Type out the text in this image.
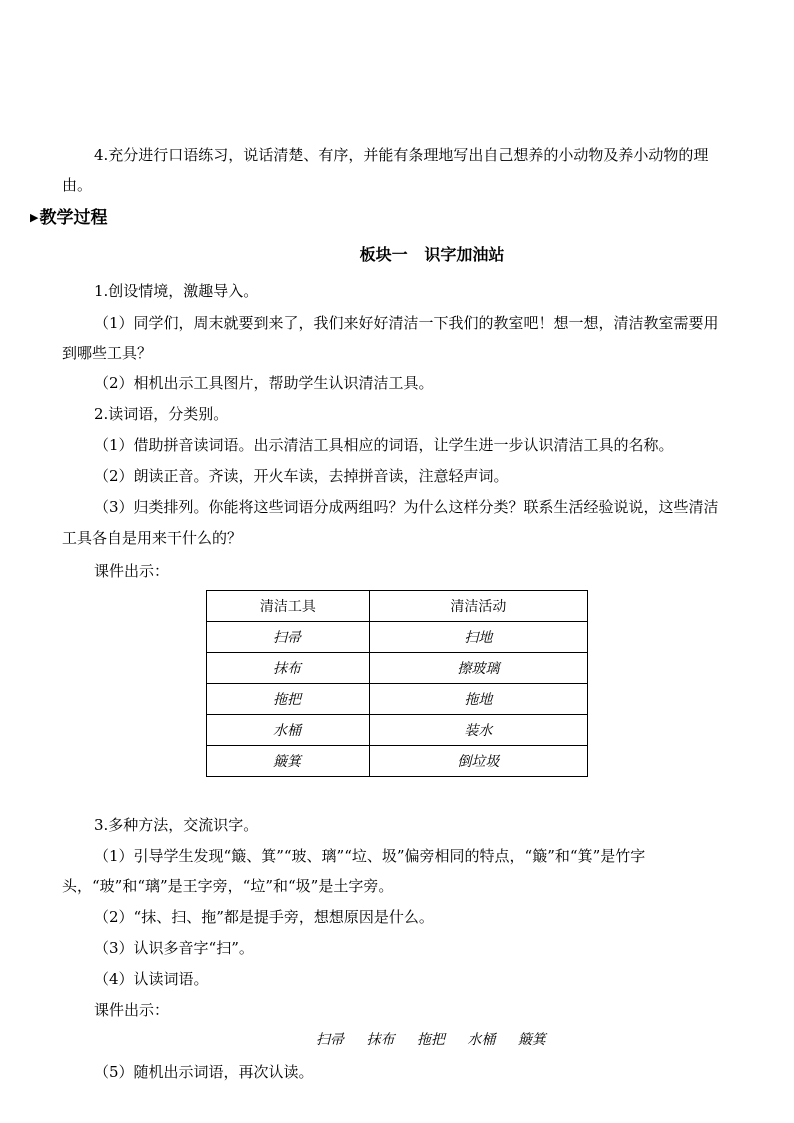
4.充分进行口语练习，说话清楚、有序，并能有条理地写出自己想养的小动物及养小动物的理
由。
▶教学过程
板块一   识字加油站
1.创设情境，激趣导入。
（1）同学们，周末就要到来了，我们来好好清洁一下我们的教室吧！想一想，清洁教室需要用
到哪些工具？
（2）相机出示工具图片，帮助学生认识清洁工具。
2.读词语，分类别。
（1）借助拼音读词语。出示清洁工具相应的词语，让学生进一步认识清洁工具的名称。
（2）朗读正音。齐读，开火车读，去掉拼音读，注意轻声词。
（3）归类排列。你能将这些词语分成两组吗？为什么这样分类？联系生活经验说说，这些清洁
工具各自是用来干什么的？
课件出示：
清洁工具	清洁活动
扫帚	扫地
抹布	擦玻璃
拖把	拖地
水桶	装水
簸箕	倒垃圾
3.多种方法，交流识字。
（1）引导学生发现“簸、箕”“玻、璃”“垃、圾”偏旁相同的特点，“簸”和“箕”是竹字
头，“玻”和“璃”是王字旁，“垃”和“圾”是土字旁。
（2）“抹、扫、拖”都是提手旁，想想原因是什么。
（3）认识多音字“扫”。
（4）认读词语。
课件出示：
扫帚 抹布 拖把 水桶 簸箕
（5）随机出示词语，再次认读。
